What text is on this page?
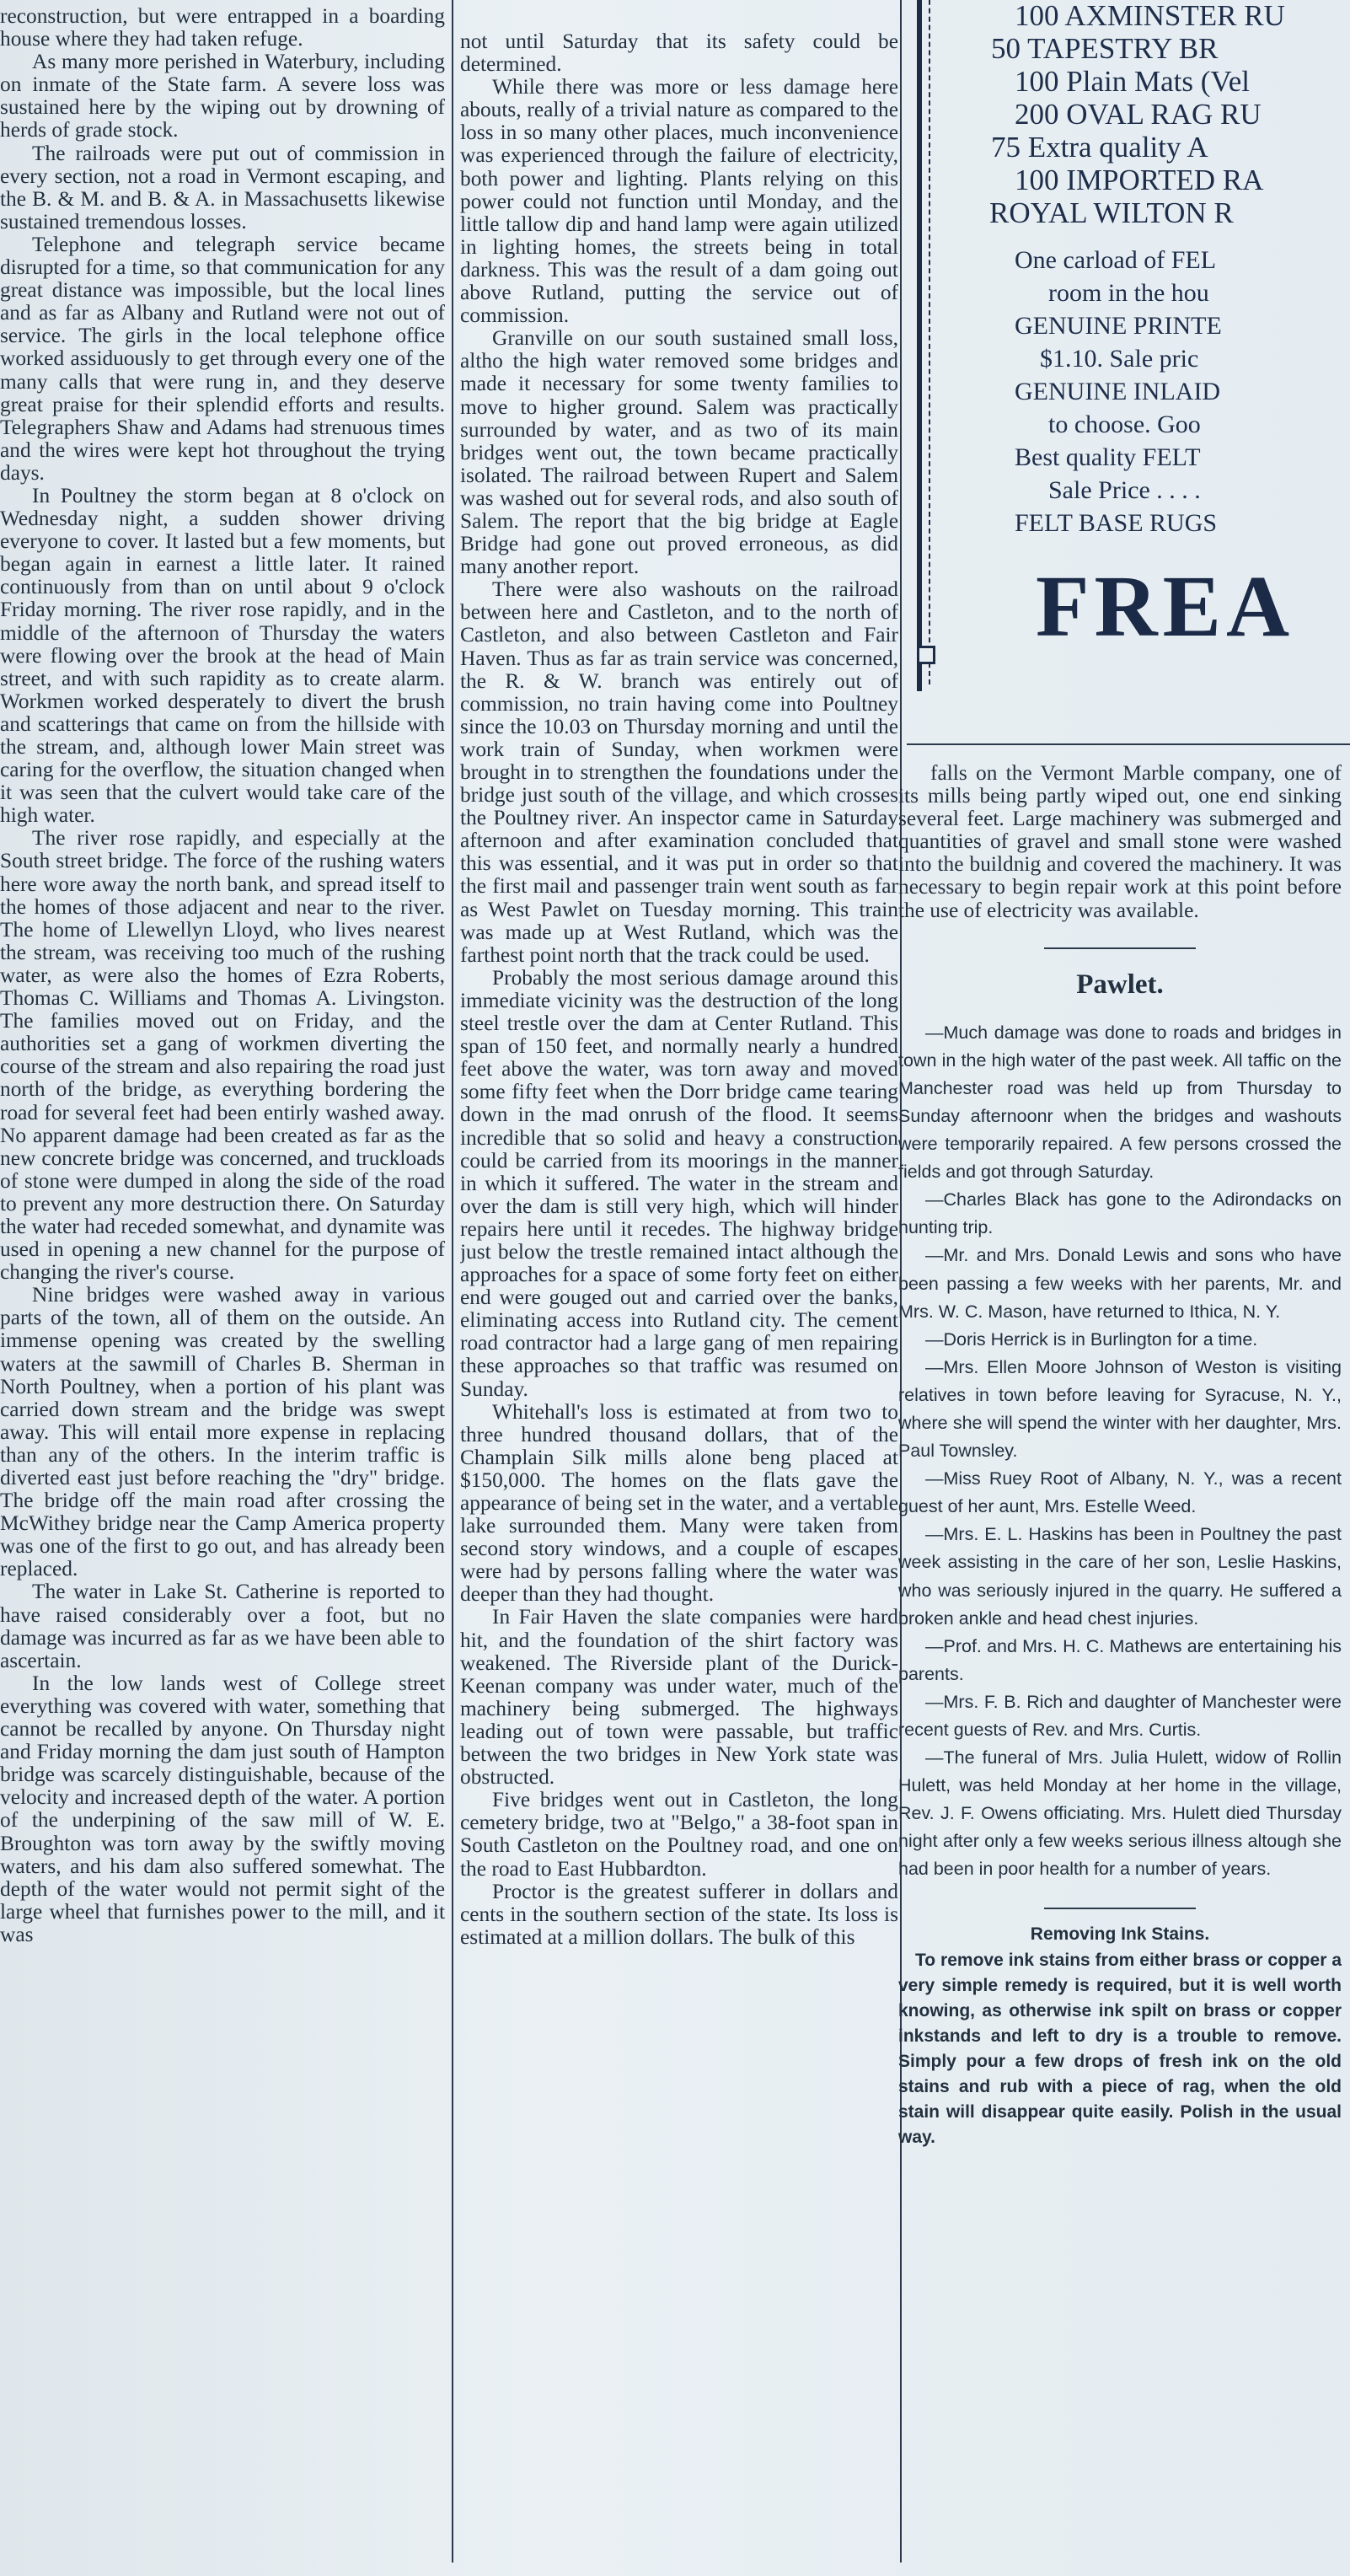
reconstruction, but were entrapped in a boarding house where they had taken refuge.

As many more perished in Waterbury, including on inmate of the State farm. A severe loss was sustained here by the wiping out by drowning of herds of grade stock.

The railroads were put out of commission in every section, not a road in Vermont escaping, and the B. & M. and B. & A. in Massachusetts likewise sustained tremendous losses.

Telephone and telegraph service became disrupted for a time, so that communication for any great distance was impossible, but the local lines and as far as Albany and Rutland were not out of service. The girls in the local telephone office worked assiduously to get through every one of the many calls that were rung in, and they deserve great praise for their splendid efforts and results. Telegraphers Shaw and Adams had strenuous times and the wires were kept hot throughout the trying days.

In Poultney the storm began at 8 o'clock on Wednesday night, a sudden shower driving everyone to cover. It lasted but a few moments, but began again in earnest a little later. It rained continuously from than on until about 9 o'clock Friday morning. The river rose rapidly, and in the middle of the afternoon of Thursday the waters were flowing over the brook at the head of Main street, and with such rapidity as to create alarm. Workmen worked desperately to divert the brush and scatterings that came on from the hillside with the stream, and, although lower Main street was caring for the overflow, the situation changed when it was seen that the culvert would take care of the high water.

The river rose rapidly, and especially at the South street bridge. The force of the rushing waters here wore away the north bank, and spread itself to the homes of those adjacent and near to the river. The home of Llewellyn Lloyd, who lives nearest the stream, was receiving too much of the rushing water, as were also the homes of Ezra Roberts, Thomas C. Williams and Thomas A. Livingston. The families moved out on Friday, and the authorities set a gang of workmen diverting the course of the stream and also repairing the road just north of the bridge, as everything bordering the road for several feet had been entirly washed away. No apparent damage had been created as far as the new concrete bridge was concerned, and truckloads of stone were dumped in along the side of the road to prevent any more destruction there. On Saturday the water had receded somewhat, and dynamite was used in opening a new channel for the purpose of changing the river's course.

Nine bridges were washed away in various parts of the town, all of them on the outside. An immense opening was created by the swelling waters at the sawmill of Charles B. Sherman in North Poultney, when a portion of his plant was carried down stream and the bridge was swept away. This will entail more expense in replacing than any of the others. In the interim traffic is diverted east just before reaching the "dry" bridge. The bridge off the main road after crossing the McWithey bridge near the Camp America property was one of the first to go out, and has already been replaced.

The water in Lake St. Catherine is reported to have raised considerably over a foot, but no damage was incurred as far as we have been able to ascertain.

In the low lands west of College street everything was covered with water, something that cannot be recalled by anyone. On Thursday night and Friday morning the dam just south of Hampton bridge was scarcely distinguishable, because of the velocity and increased depth of the water. A portion of the underpining of the saw mill of W. E. Broughton was torn away by the swiftly moving waters, and his dam also suffered somewhat. The depth of the water would not permit sight of the large wheel that furnishes power to the mill, and it was

not until Saturday that its safety could be determined.

While there was more or less damage here abouts, really of a trivial nature as compared to the loss in so many other places, much inconvenience was experienced through the failure of electricity, both power and lighting. Plants relying on this power could not function until Monday, and the little tallow dip and hand lamp were again utilized in lighting homes, the streets being in total darkness. This was the result of a dam going out above Rutland, putting the service out of commission.

Granville on our south sustained small loss, altho the high water removed some bridges and made it necessary for some twenty families to move to higher ground. Salem was practically surrounded by water, and as two of its main bridges went out, the town became practically isolated. The railroad between Rupert and Salem was washed out for several rods, and also south of Salem. The report that the big bridge at Eagle Bridge had gone out proved erroneous, as did many another report.

There were also washouts on the railroad between here and Castleton, and to the north of Castleton, and also between Castleton and Fair Haven. Thus as far as train service was concerned, the R. & W. branch was entirely out of commission, no train having come into Poultney since the 10.03 on Thursday morning and until the work train of Sunday, when workmen were brought in to strengthen the foundations under the bridge just south of the village, and which crosses the Poultney river. An inspector came in Saturday afternoon and after examination concluded that this was essential, and it was put in order so that the first mail and passenger train went south as far as West Pawlet on Tuesday morning. This train was made up at West Rutland, which was the farthest point north that the track could be used.

Probably the most serious damage around this immediate vicinity was the destruction of the long steel trestle over the dam at Center Rutland. This span of 150 feet, and normally nearly a hundred feet above the water, was torn away and moved some fifty feet when the Dorr bridge came tearing down in the mad onrush of the flood. It seems incredible that so solid and heavy a construction could be carried from its moorings in the manner in which it suffered. The water in the stream and over the dam is still very high, which will hinder repairs here until it recedes. The highway bridge just below the trestle remained intact although the approaches for a space of some forty feet on either end were gouged out and carried over the banks, eliminating access into Rutland city. The cement road contractor had a large gang of men repairing these approaches so that traffic was resumed on Sunday.

Whitehall's loss is estimated at from two to three hundred thousand dollars, that of the Champlain Silk mills alone beng placed at $150,000. The homes on the flats gave the appearance of being set in the water, and a vertable lake surrounded them. Many were taken from second story windows, and a couple of escapes were had by persons falling where the water was deeper than they had thought.

In Fair Haven the slate companies were hard hit, and the foundation of the shirt factory was weakened. The Riverside plant of the Durick-Keenan company was under water, much of the machinery being submerged. The highways leading out of town were passable, but traffic between the two bridges in New York state was obstructed.

Five bridges went out in Castleton, the long cemetery bridge, two at "Belgo," a 38-foot span in South Castleton on the Poultney road, and one on the road to East Hubbardton.

Proctor is the greatest sufferer in dollars and cents in the southern section of the state. Its loss is estimated at a million dollars. The bulk of this

100 AXMINSTER RU
50 TAPESTRY BR
100 Plain Mats (Vel
200 OVAL RAG RU
75 Extra quality A
100 IMPORTED RA
ROYAL WILTON R
One carload of FEL
room in the hou
GENUINE PRINTE
$1.10. Sale pric
GENUINE INLAID
to choose. Goo
Best quality FELT
Sale Price . . . .
FELT BASE RUGS
FREA

falls on the Vermont Marble company, one of its mills being partly wiped out, one end sinking several feet. Large machinery was submerged and quantities of gravel and small stone were washed into the buildnig and covered the machinery. It was necessary to begin repair work at this point before the use of electricity was available.

Pawlet.

—Much damage was done to roads and bridges in town in the high water of the past week. All taffic on the Manchester road was held up from Thursday to Sunday afternoonr when the bridges and washouts were temporarily repaired. A few persons crossed the fields and got through Saturday.

—Charles Black has gone to the Adirondacks on hunting trip.

—Mr. and Mrs. Donald Lewis and sons who have been passing a few weeks with her parents, Mr. and Mrs. W. C. Mason, have returned to Ithica, N. Y.

—Doris Herrick is in Burlington for a time.

—Mrs. Ellen Moore Johnson of Weston is visiting relatives in town before leaving for Syracuse, N. Y., where she will spend the winter with her daughter, Mrs. Paul Townsley.

—Miss Ruey Root of Albany, N. Y., was a recent guest of her aunt, Mrs. Estelle Weed.

—Mrs. E. L. Haskins has been in Poultney the past week assisting in the care of her son, Leslie Haskins, who was seriously injured in the quarry. He suffered a broken ankle and head chest injuries.

—Prof. and Mrs. H. C. Mathews are entertaining his parents.

—Mrs. F. B. Rich and daughter of Manchester were recent guests of Rev. and Mrs. Curtis.

—The funeral of Mrs. Julia Hulett, widow of Rollin Hulett, was held Monday at her home in the village, Rev. J. F. Owens officiating. Mrs. Hulett died Thursday night after only a few weeks serious illness altough she had been in poor health for a number of years.

Removing Ink Stains.

To remove ink stains from either brass or copper a very simple remedy is required, but it is well worth knowing, as otherwise ink spilt on brass or copper inkstands and left to dry is a trouble to remove. Simply pour a few drops of fresh ink on the old stains and rub with a piece of rag, when the old stain will disappear quite easily. Polish in the usual way.
